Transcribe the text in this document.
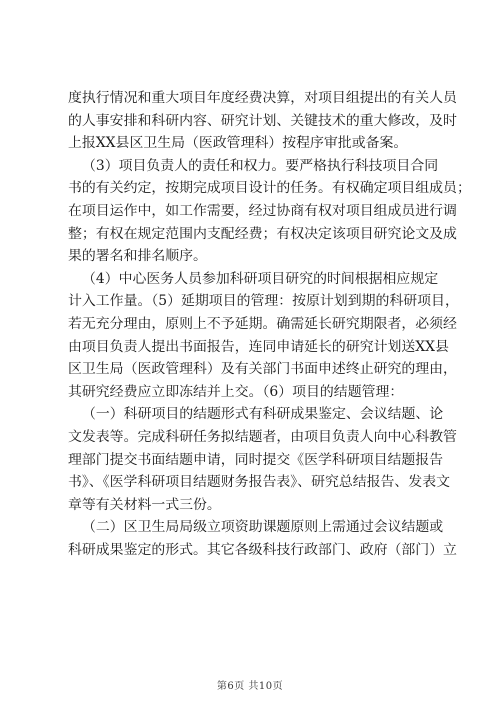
度执行情况和重大项目年度经费决算，对项目组提出的有关人员
的人事安排和科研内容、研究计划、关键技术的重大修改，及时
上报XX县区卫生局（医政管理科）按程序审批或备案。
（3）项目负责人的责任和权力。要严格执行科技项目合同
书的有关约定，按期完成项目设计的任务。有权确定项目组成员；
在项目运作中，如工作需要，经过协商有权对项目组成员进行调
整；有权在规定范围内支配经费；有权决定该项目研究论文及成
果的署名和排名顺序。
（4）中心医务人员参加科研项目研究的时间根据相应规定
计入工作量。（5）延期项目的管理：按原计划到期的科研项目，
若无充分理由，原则上不予延期。确需延长研究期限者，必须经
由项目负责人提出书面报告，连同申请延长的研究计划送XX县
区卫生局（医政管理科）及有关部门书面申述终止研究的理由，
其研究经费应立即冻结并上交。（6）项目的结题管理：
（一）科研项目的结题形式有科研成果鉴定、会议结题、论
文发表等。完成科研任务拟结题者，由项目负责人向中心科教管
理部门提交书面结题申请，同时提交《医学科研项目结题报告
书》、《医学科研项目结题财务报告表》、研究总结报告、发表文
章等有关材料一式三份。
（二）区卫生局局级立项资助课题原则上需通过会议结题或
科研成果鉴定的形式。其它各级科技行政部门、政府（部门）立
第6页 共10页
